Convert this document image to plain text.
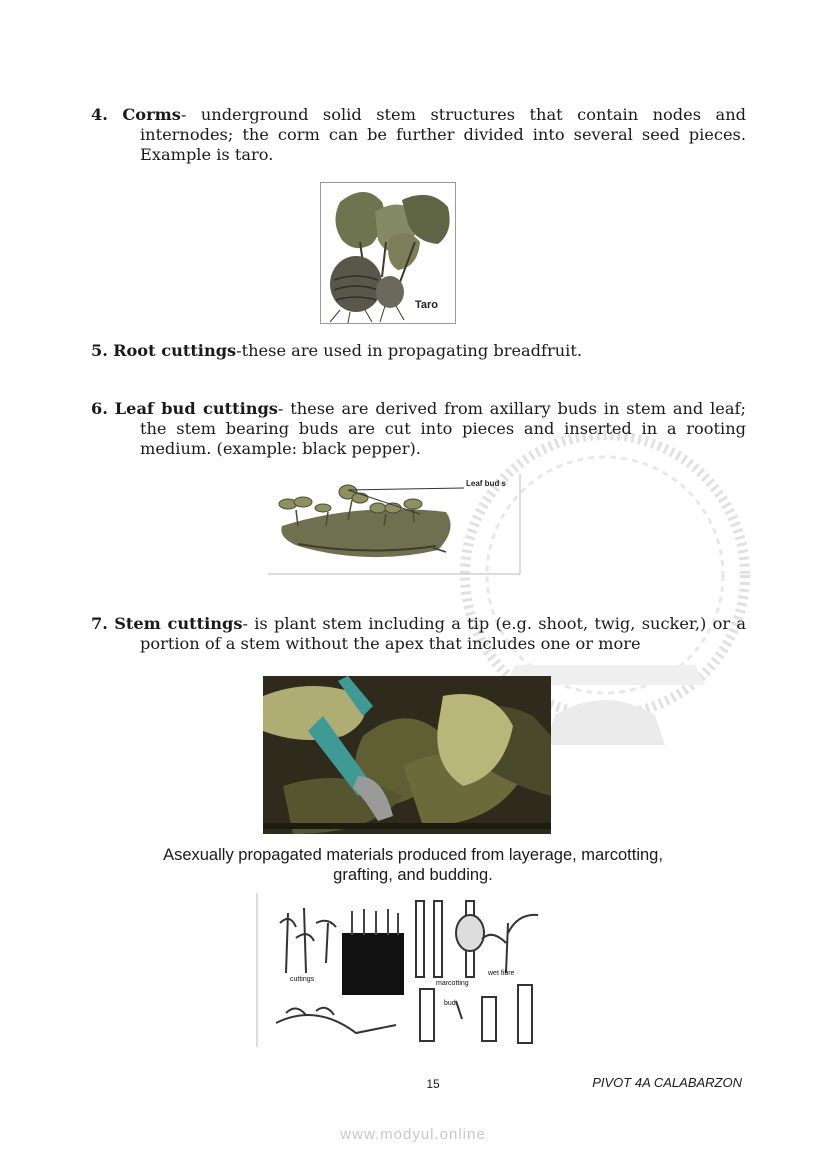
4. Corms- underground solid stem structures that contain nodes and internodes; the corm can be further divided into several seed pieces. Example is taro.
Taro
5. Root cuttings-these are used in propagating breadfruit.
6. Leaf bud cuttings- these are derived from axillary buds in stem and leaf; the stem bearing buds are cut into pieces and inserted in a rooting medium. (example: black pepper).
Leaf bud s
7. Stem cuttings- is plant stem including a tip (e.g. shoot, twig, sucker,) or a portion of a stem without the apex that includes one or more
Asexually propagated materials produced from layerage, marcotting, grafting, and budding.
cuttings
marcotting
wet fibre
bud
15	PIVOT 4A CALABARZON
www.modyul.online
